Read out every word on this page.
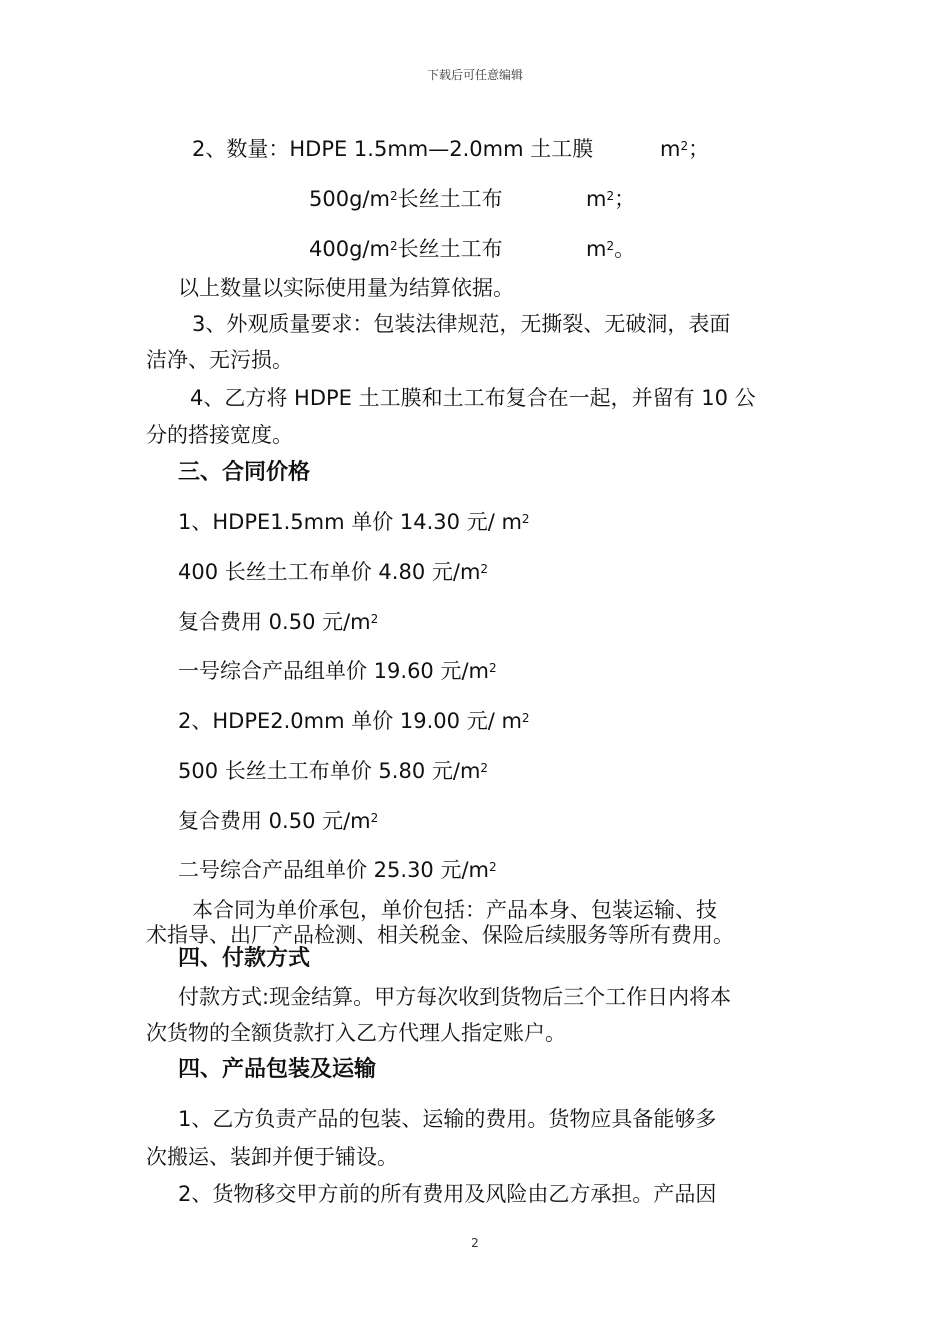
下载后可任意编辑
2、数量：HDPE 1.5mm—2.0mm 土工膜	$m^2$；
$500g/m^2$长丝土工布	$m^2$；
$400g/m^2$长丝土工布	$m^2$。
以上数量以实际使用量为结算依据。
3、外观质量要求：包装法律规范，无撕裂、无破洞，表面
洁净、无污损。
4、乙方将 HDPE 土工膜和土工布复合在一起，并留有 10 公
分的搭接宽度。
三、合同价格
1、HDPE1.5mm 单价 14.30 元/ $m^2$
400 长丝土工布单价 4.80 元$/m^2$
复合费用 0.50 元$/m^2$
一号综合产品组单价 19.60 元$/m^2$
2、HDPE2.0mm 单价 19.00 元/ $m^2$
500 长丝土工布单价 5.80 元$/m^2$
复合费用 0.50 元$/m^2$
二号综合产品组单价 25.30 元$/m^2$
本合同为单价承包，单价包括：产品本身、包装运输、技
术指导、出厂产品检测、相关税金、保险后续服务等所有费用。
四、付款方式
付款方式:现金结算。甲方每次收到货物后三个工作日内将本
次货物的全额货款打入乙方代理人指定账户。
四、产品包装及运输
1、乙方负责产品的包装、运输的费用。货物应具备能够多
次搬运、装卸并便于铺设。
2、货物移交甲方前的所有费用及风险由乙方承担。产品因
2
